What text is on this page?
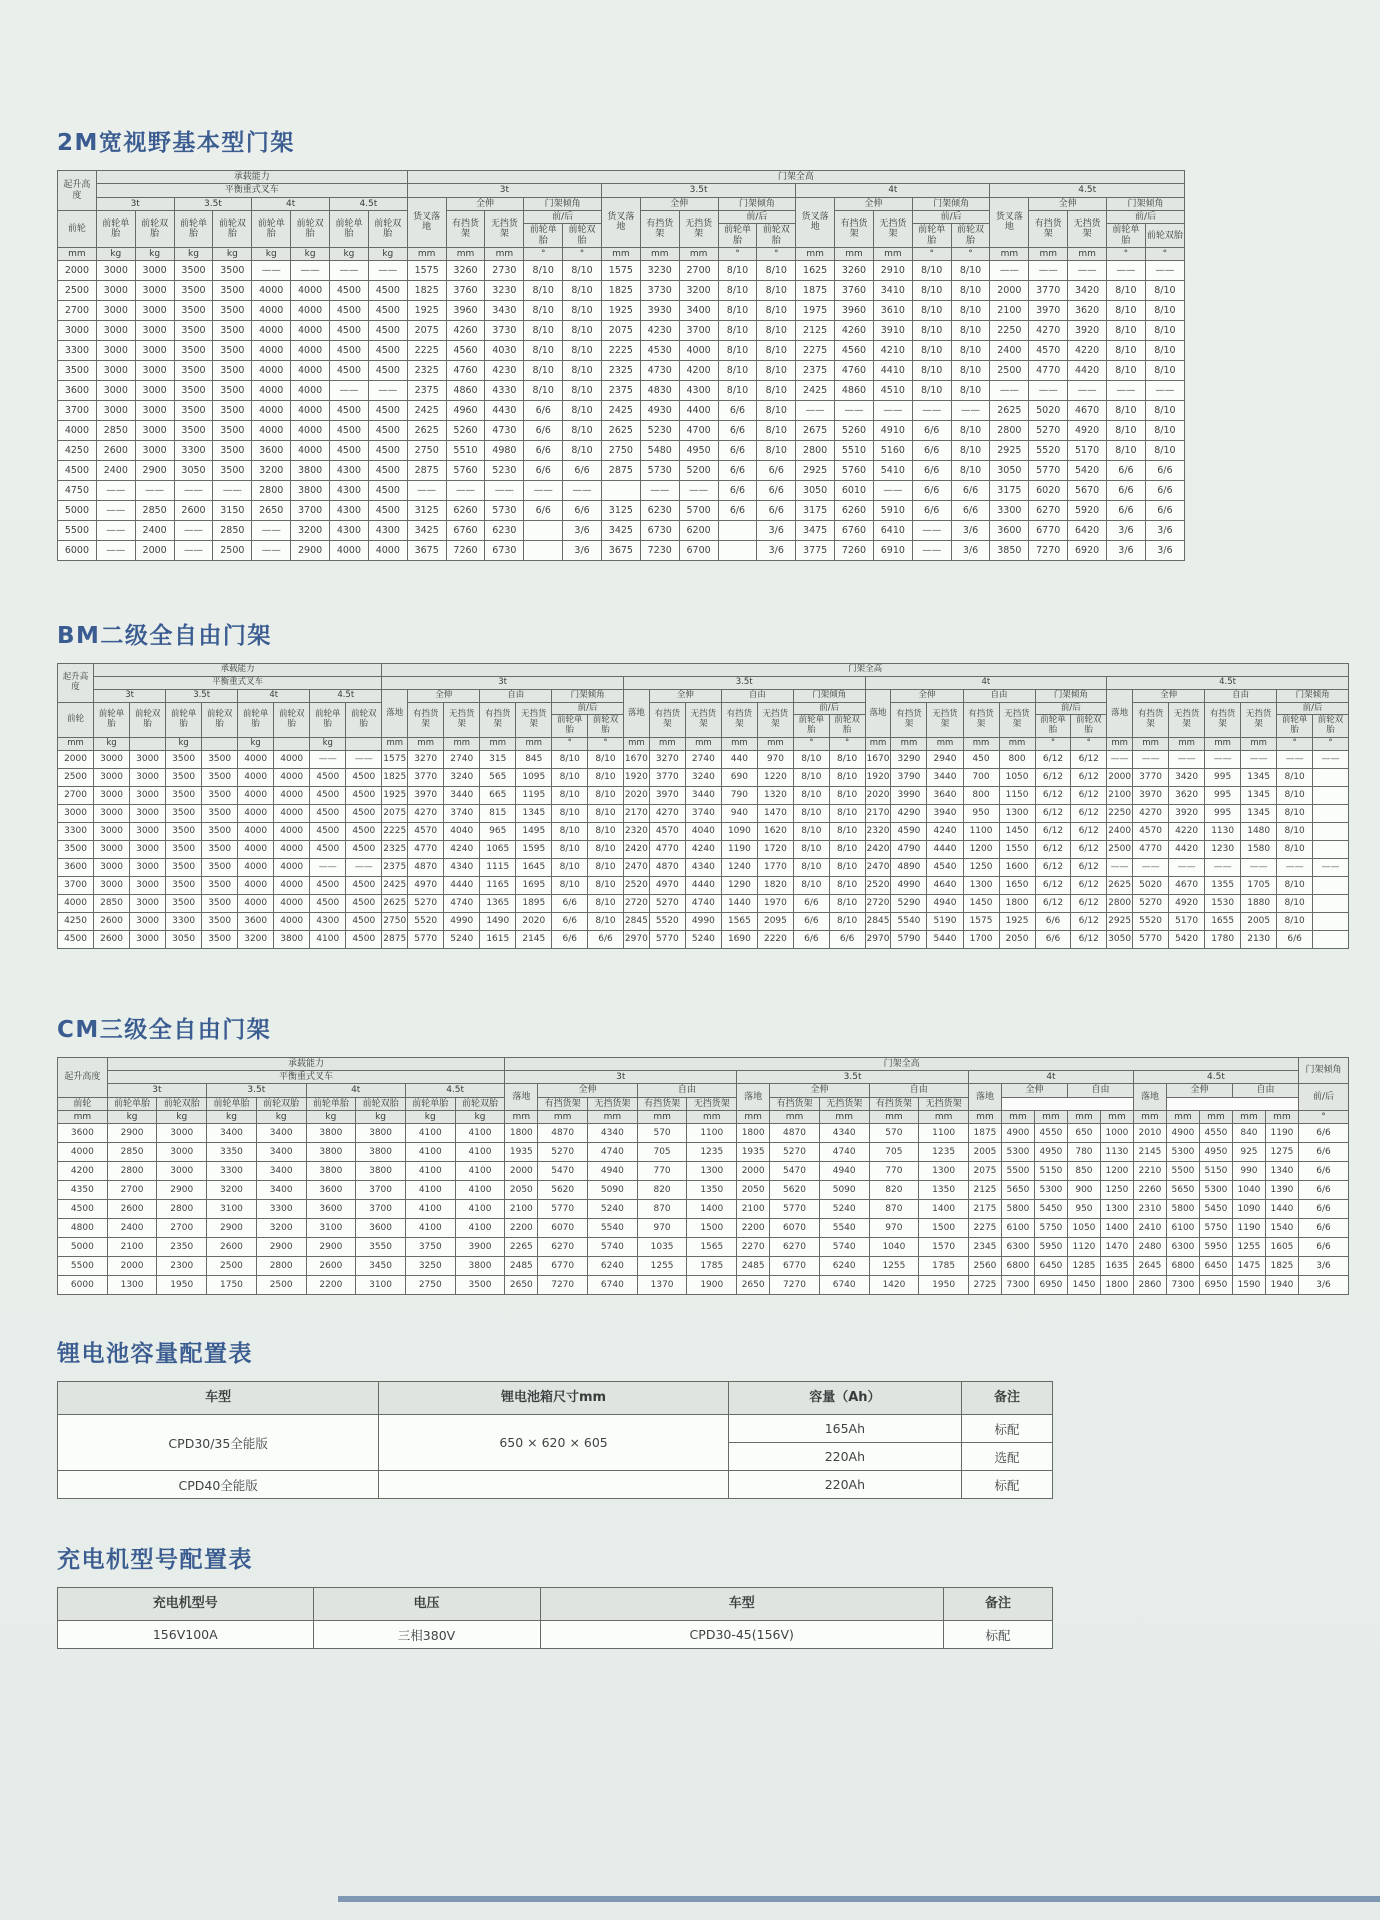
2M宽视野基本型门架
起升高度	承载能力								门架全高																			
	平衡重式叉车								3t					3.5t					4t					4.5t				
	3t		3.5t		4t		4.5t		货叉落地	全伸		门架倾角		货叉落地	全伸		门架倾角		货叉落地	全伸		门架倾角		货叉落地	全伸		门架倾角	
前轮	前轮单胎	前轮双胎	前轮单胎	前轮双胎	前轮单胎	前轮双胎	前轮单胎	前轮双胎		有挡货架	无挡货架	前/后			有挡货架	无挡货架	前/后			有挡货架	无挡货架	前/后			有挡货架	无挡货架	前/后	
												前轮单胎	前轮双胎				前轮单胎	前轮双胎				前轮单胎	前轮双胎				前轮单胎	前轮双胎
mm	kg	kg	kg	kg	kg	kg	kg	kg	mm	mm	mm	°	°	mm	mm	mm	°	°	mm	mm	mm	°	°	mm	mm	mm	°	°
2000	3000	3000	3500	3500	——	——	——	——	1575	3260	2730	8/10	8/10	1575	3230	2700	8/10	8/10	1625	3260	2910	8/10	8/10	——	——	——	——	——
2500	3000	3000	3500	3500	4000	4000	4500	4500	1825	3760	3230	8/10	8/10	1825	3730	3200	8/10	8/10	1875	3760	3410	8/10	8/10	2000	3770	3420	8/10	8/10
2700	3000	3000	3500	3500	4000	4000	4500	4500	1925	3960	3430	8/10	8/10	1925	3930	3400	8/10	8/10	1975	3960	3610	8/10	8/10	2100	3970	3620	8/10	8/10
3000	3000	3000	3500	3500	4000	4000	4500	4500	2075	4260	3730	8/10	8/10	2075	4230	3700	8/10	8/10	2125	4260	3910	8/10	8/10	2250	4270	3920	8/10	8/10
3300	3000	3000	3500	3500	4000	4000	4500	4500	2225	4560	4030	8/10	8/10	2225	4530	4000	8/10	8/10	2275	4560	4210	8/10	8/10	2400	4570	4220	8/10	8/10
3500	3000	3000	3500	3500	4000	4000	4500	4500	2325	4760	4230	8/10	8/10	2325	4730	4200	8/10	8/10	2375	4760	4410	8/10	8/10	2500	4770	4420	8/10	8/10
3600	3000	3000	3500	3500	4000	4000	——	——	2375	4860	4330	8/10	8/10	2375	4830	4300	8/10	8/10	2425	4860	4510	8/10	8/10	——	——	——	——	——
3700	3000	3000	3500	3500	4000	4000	4500	4500	2425	4960	4430	6/6	8/10	2425	4930	4400	6/6	8/10	——	——	——	——	——	2625	5020	4670	8/10	8/10
4000	2850	3000	3500	3500	4000	4000	4500	4500	2625	5260	4730	6/6	8/10	2625	5230	4700	6/6	8/10	2675	5260	4910	6/6	8/10	2800	5270	4920	8/10	8/10
4250	2600	3000	3300	3500	3600	4000	4500	4500	2750	5510	4980	6/6	8/10	2750	5480	4950	6/6	8/10	2800	5510	5160	6/6	8/10	2925	5520	5170	8/10	8/10
4500	2400	2900	3050	3500	3200	3800	4300	4500	2875	5760	5230	6/6	6/6	2875	5730	5200	6/6	6/6	2925	5760	5410	6/6	8/10	3050	5770	5420	6/6	6/6
4750	——	——	——	——	2800	3800	4300	4500	——	——	——	——	——		——	——	6/6	6/6	3050	6010	——	6/6	6/6	3175	6020	5670	6/6	6/6
5000	——	2850	2600	3150	2650	3700	4300	4500	3125	6260	5730	6/6	6/6	3125	6230	5700	6/6	6/6	3175	6260	5910	6/6	6/6	3300	6270	5920	6/6	6/6
5500	——	2400	——	2850	——	3200	4300	4300	3425	6760	6230		3/6	3425	6730	6200		3/6	3475	6760	6410	——	3/6	3600	6770	6420	3/6	3/6
6000	——	2000	——	2500	——	2900	4000	4000	3675	7260	6730		3/6	3675	7230	6700		3/6	3775	7260	6910	——	3/6	3850	7270	6920	3/6	3/6
BM二级全自由门架
起升高度	承载能力								门架全高																											
	平衡重式叉车								3t							3.5t							4t							4.5t						
	3t		3.5t		4t		4.5t		落地	全伸		自由		门架倾角		落地	全伸		自由		门架倾角		落地	全伸		自由		门架倾角		落地	全伸		自由		门架倾角	
前轮	前轮单胎	前轮双胎	前轮单胎	前轮双胎	前轮单胎	前轮双胎	前轮单胎	前轮双胎		有挡货架	无挡货架	有挡货架	无挡货架	前/后			有挡货架	无挡货架	有挡货架	无挡货架	前/后			有挡货架	无挡货架	有挡货架	无挡货架	前/后			有挡货架	无挡货架	有挡货架	无挡货架	前/后	
														前轮单胎	前轮双胎						前轮单胎	前轮双胎						前轮单胎	前轮双胎						前轮单胎	前轮双胎
mm	kg		kg		kg		kg		mm	mm	mm	mm	mm	°	°	mm	mm	mm	mm	mm	°	°	mm	mm	mm	mm	mm	°	°	mm	mm	mm	mm	mm	°	°
2000	3000	3000	3500	3500	4000	4000	——	——	1575	3270	2740	315	845	8/10	8/10	1670	3270	2740	440	970	8/10	8/10	1670	3290	2940	450	800	6/12	6/12	——	——	——	——	——	——	——
2500	3000	3000	3500	3500	4000	4000	4500	4500	1825	3770	3240	565	1095	8/10	8/10	1920	3770	3240	690	1220	8/10	8/10	1920	3790	3440	700	1050	6/12	6/12	2000	3770	3420	995	1345	8/10	
2700	3000	3000	3500	3500	4000	4000	4500	4500	1925	3970	3440	665	1195	8/10	8/10	2020	3970	3440	790	1320	8/10	8/10	2020	3990	3640	800	1150	6/12	6/12	2100	3970	3620	995	1345	8/10	
3000	3000	3000	3500	3500	4000	4000	4500	4500	2075	4270	3740	815	1345	8/10	8/10	2170	4270	3740	940	1470	8/10	8/10	2170	4290	3940	950	1300	6/12	6/12	2250	4270	3920	995	1345	8/10	
3300	3000	3000	3500	3500	4000	4000	4500	4500	2225	4570	4040	965	1495	8/10	8/10	2320	4570	4040	1090	1620	8/10	8/10	2320	4590	4240	1100	1450	6/12	6/12	2400	4570	4220	1130	1480	8/10	
3500	3000	3000	3500	3500	4000	4000	4500	4500	2325	4770	4240	1065	1595	8/10	8/10	2420	4770	4240	1190	1720	8/10	8/10	2420	4790	4440	1200	1550	6/12	6/12	2500	4770	4420	1230	1580	8/10	
3600	3000	3000	3500	3500	4000	4000	——	——	2375	4870	4340	1115	1645	8/10	8/10	2470	4870	4340	1240	1770	8/10	8/10	2470	4890	4540	1250	1600	6/12	6/12	——	——	——	——	——	——	——
3700	3000	3000	3500	3500	4000	4000	4500	4500	2425	4970	4440	1165	1695	8/10	8/10	2520	4970	4440	1290	1820	8/10	8/10	2520	4990	4640	1300	1650	6/12	6/12	2625	5020	4670	1355	1705	8/10	
4000	2850	3000	3500	3500	4000	4000	4500	4500	2625	5270	4740	1365	1895	6/6	8/10	2720	5270	4740	1440	1970	6/6	8/10	2720	5290	4940	1450	1800	6/12	6/12	2800	5270	4920	1530	1880	8/10	
4250	2600	3000	3300	3500	3600	4000	4300	4500	2750	5520	4990	1490	2020	6/6	8/10	2845	5520	4990	1565	2095	6/6	8/10	2845	5540	5190	1575	1925	6/6	6/12	2925	5520	5170	1655	2005	8/10	
4500	2600	3000	3050	3500	3200	3800	4100	4500	2875	5770	5240	1615	2145	6/6	6/6	2970	5770	5240	1690	2220	6/6	6/6	2970	5790	5440	1700	2050	6/6	6/12	3050	5770	5420	1780	2130	6/6	
CM三级全自由门架
起升高度	承载能力								门架全高																				门架倾角
	平衡重式叉车								3t					3.5t					4t					4.5t					
	3t		3.5t		4t		4.5t		落地	全伸		自由		落地	全伸		自由		落地	全伸		自由		落地	全伸		自由		前/后
前轮	前轮单胎	前轮双胎	前轮单胎	前轮双胎	前轮单胎	前轮双胎	前轮单胎	前轮双胎		有挡货架	无挡货架	有挡货架	无挡货架		有挡货架	无挡货架	有挡货架	无挡货架											
mm	kg	kg	kg	kg	kg	kg	kg	kg	mm	mm	mm	mm	mm	mm	mm	mm	mm	mm	mm	mm	mm	mm	mm	mm	mm	mm	mm	mm	°
3600	2900	3000	3400	3400	3800	3800	4100	4100	1800	4870	4340	570	1100	1800	4870	4340	570	1100	1875	4900	4550	650	1000	2010	4900	4550	840	1190	6/6
4000	2850	3000	3350	3400	3800	3800	4100	4100	1935	5270	4740	705	1235	1935	5270	4740	705	1235	2005	5300	4950	780	1130	2145	5300	4950	925	1275	6/6
4200	2800	3000	3300	3400	3800	3800	4100	4100	2000	5470	4940	770	1300	2000	5470	4940	770	1300	2075	5500	5150	850	1200	2210	5500	5150	990	1340	6/6
4350	2700	2900	3200	3400	3600	3700	4100	4100	2050	5620	5090	820	1350	2050	5620	5090	820	1350	2125	5650	5300	900	1250	2260	5650	5300	1040	1390	6/6
4500	2600	2800	3100	3300	3600	3700	4100	4100	2100	5770	5240	870	1400	2100	5770	5240	870	1400	2175	5800	5450	950	1300	2310	5800	5450	1090	1440	6/6
4800	2400	2700	2900	3200	3100	3600	4100	4100	2200	6070	5540	970	1500	2200	6070	5540	970	1500	2275	6100	5750	1050	1400	2410	6100	5750	1190	1540	6/6
5000	2100	2350	2600	2900	2900	3550	3750	3900	2265	6270	5740	1035	1565	2270	6270	5740	1040	1570	2345	6300	5950	1120	1470	2480	6300	5950	1255	1605	6/6
5500	2000	2300	2500	2800	2600	3450	3250	3800	2485	6770	6240	1255	1785	2485	6770	6240	1255	1785	2560	6800	6450	1285	1635	2645	6800	6450	1475	1825	3/6
6000	1300	1950	1750	2500	2200	3100	2750	3500	2650	7270	6740	1370	1900	2650	7270	6740	1420	1950	2725	7300	6950	1450	1800	2860	7300	6950	1590	1940	3/6
锂电池容量配置表
车型	锂电池箱尺寸mm	容量（Ah）	备注
CPD30/35全能版	650 × 620 × 605	165Ah	标配
		220Ah	选配
CPD40全能版		220Ah	标配
充电机型号配置表
充电机型号	电压	车型	备注
156V100A	三相380V	CPD30-45(156V)	标配
